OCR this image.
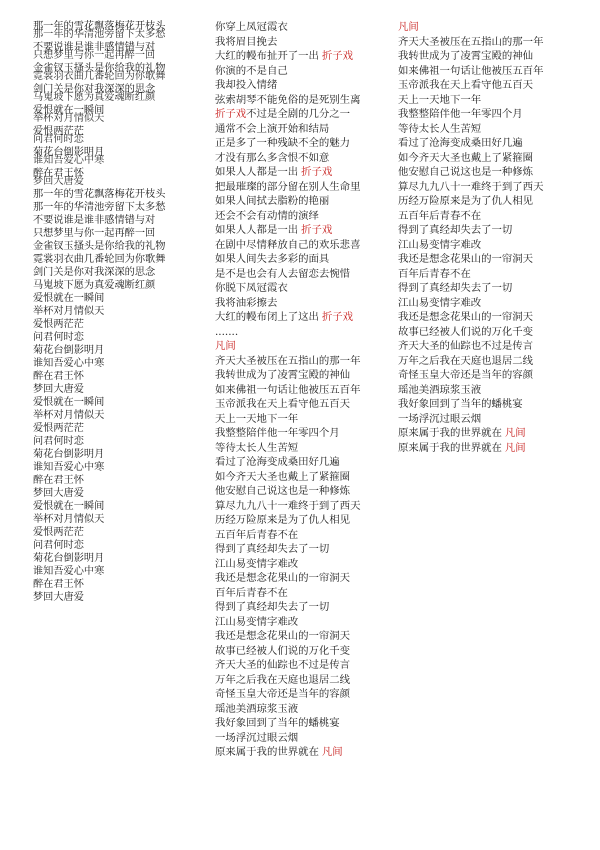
那一年的雪花飘落梅花开枝头
那一年的华清池旁留下太多愁
不要说谁是谁非感情错与对
只想梦里与你一起再醉一回
金雀钗玉搔头是你给我的礼物
霓裳羽衣曲几番轮回为你歌舞
剑门关是你对我深深的思念
马嵬坡下愿为真爱魂断红颜
爱恨就在一瞬间
举杯对月情似天
爱恨两茫茫
问君何时恋
菊花台倒影明月
谁知吾爱心中寒
醉在君王怀
梦回大唐爱
那一年的雪花飘落梅花开枝头
那一年的华清池旁留下太多愁
不要说谁是谁非感情错与对
只想梦里与你一起再醉一回
金雀钗玉搔头是你给我的礼物
霓裳羽衣曲几番轮回为你歌舞
剑门关是你对我深深的思念
马嵬坡下愿为真爱魂断红颜
爱恨就在一瞬间
举杯对月情似天
爱恨两茫茫
问君何时恋
菊花台倒影明月
谁知吾爱心中寒
醉在君王怀
梦回大唐爱
爱恨就在一瞬间
举杯对月情似天
爱恨两茫茫
问君何时恋
菊花台倒影明月
谁知吾爱心中寒
醉在君王怀
梦回大唐爱
爱恨就在一瞬间
举杯对月情似天
爱恨两茫茫
问君何时恋
菊花台倒影明月
谁知吾爱心中寒
醉在君王怀
梦回大唐爱
你穿上凤冠霞衣
我将眉目挽去
大红的幔布扯开了一出 折子戏
你演的不是自己
我却投入情绪
弦索胡琴不能免俗的是死别生离
折子戏不过是全剧的几分之一
通常不会上演开始和结局
正是多了一种残缺不全的魅力
才没有那么多含恨不如意
如果人人都是一出 折子戏
把最璀璨的部分留在别人生命里
如果人间拭去脂粉的艳丽
还会不会有动情的演绎
如果人人都是一出 折子戏
在剧中尽情释放自己的欢乐悲喜
如果人间失去多彩的面具
是不是也会有人去留恋去惋惜
你脱下凤冠霞衣
我将油彩擦去
大红的幔布闭上了这出 折子戏
.......
凡间
齐天大圣被压在五指山的那一年
我转世成为了凌霄宝殿的神仙
如来佛祖一句话让他被压五百年
玉帝派我在天上看守他五百天
天上一天地下一年
我整整陪伴他一年零四个月
等待太长人生苦短
看过了沧海变成桑田好几遍
如今齐天大圣也戴上了紧箍圈
他安慰自己说这也是一种修炼
算尽九九八十一难终于到了西天
历经万险原来是为了仇人相见
五百年后青春不在
得到了真经却失去了一切
江山易变情字难改
我还是想念花果山的一帘洞天
百年后青春不在
得到了真经却失去了一切
江山易变情字难改
我还是想念花果山的一帘洞天
故事已经被人们说的万化千变
齐天大圣的仙踪也不过是传言
万年之后我在天庭也退居二线
奇怪玉皇大帝还是当年的容颜
瑶池美酒琼浆玉液
我好象回到了当年的蟠桃宴
一场浮沉过眼云烟
原来属于我的世界就在 凡间
凡间
齐天大圣被压在五指山的那一年
我转世成为了凌霄宝殿的神仙
如来佛祖一句话让他被压五百年
玉帝派我在天上看守他五百天
天上一天地下一年
我整整陪伴他一年零四个月
等待太长人生苦短
看过了沧海变成桑田好几遍
如今齐天大圣也戴上了紧箍圈
他安慰自己说这也是一种修炼
算尽九九八十一难终于到了西天
历经万险原来是为了仇人相见
五百年后青春不在
得到了真经却失去了一切
江山易变情字难改
我还是想念花果山的一帘洞天
百年后青春不在
得到了真经却失去了一切
江山易变情字难改
我还是想念花果山的一帘洞天
故事已经被人们说的万化千变
齐天大圣的仙踪也不过是传言
万年之后我在天庭也退居二线
奇怪玉皇大帝还是当年的容颜
瑶池美酒琼浆玉液
我好象回到了当年的蟠桃宴
一场浮沉过眼云烟
原来属于我的世界就在 凡间
原来属于我的世界就在 凡间
